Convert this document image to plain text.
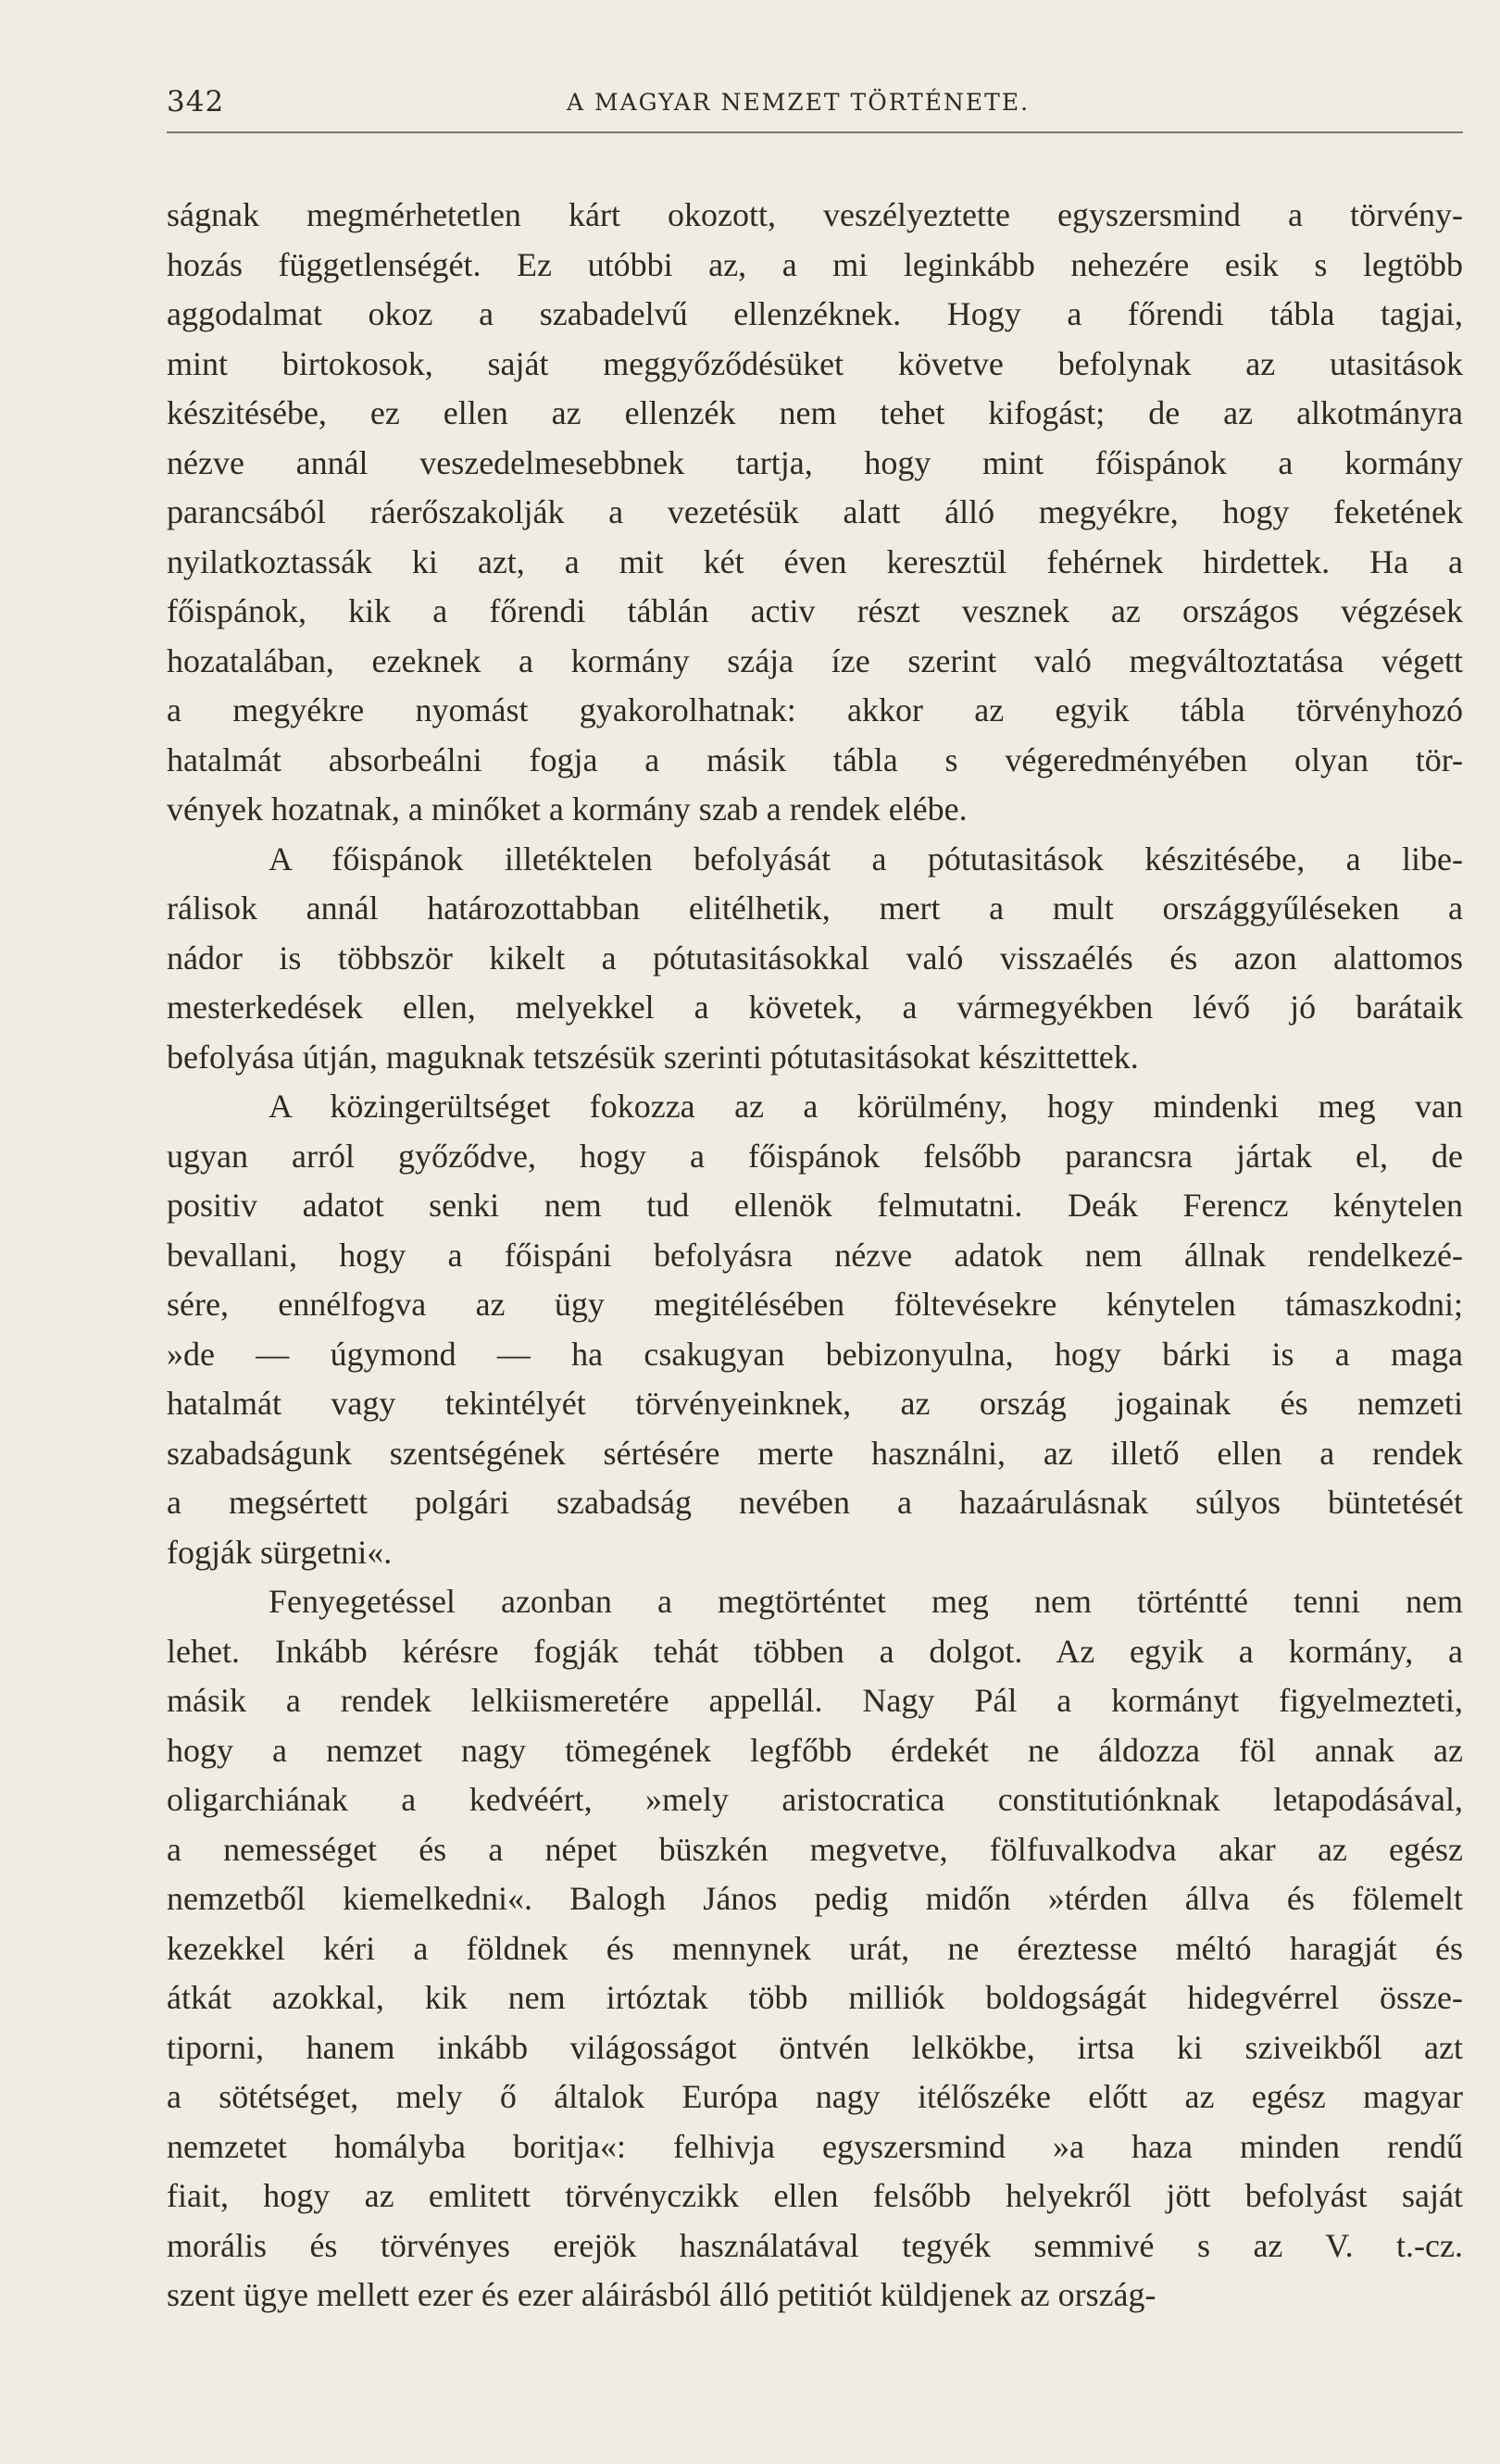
342	A MAGYAR NEMZET TÖRTÉNETE.
ságnak megmérhetetlen kárt okozott, veszélyeztette egyszersmind a törvény-
hozás függetlenségét. Ez utóbbi az, a mi leginkább nehezére esik s legtöbb
aggodalmat okoz a szabadelvű ellenzéknek. Hogy a főrendi tábla tagjai,
mint birtokosok, saját meggyőződésüket követve befolynak az utasitások
készitésébe, ez ellen az ellenzék nem tehet kifogást; de az alkotmányra
nézve annál veszedelmesebbnek tartja, hogy mint főispánok a kormány
parancsából ráerőszakolják a vezetésük alatt álló megyékre, hogy feketének
nyilatkoztassák ki azt, a mit két éven keresztül fehérnek hirdettek. Ha a
főispánok, kik a főrendi táblán activ részt vesznek az országos végzések
hozatalában, ezeknek a kormány szája íze szerint való megváltoztatása végett
a megyékre nyomást gyakorolhatnak: akkor az egyik tábla törvényhozó
hatalmát absorbeálni fogja a másik tábla s végeredményében olyan tör-
vények hozatnak, a minőket a kormány szab a rendek elébe.
A főispánok illetéktelen befolyását a pótutasitások készitésébe, a libe-
rálisok annál határozottabban elitélhetik, mert a mult országgyűléseken a
nádor is többször kikelt a pótutasitásokkal való visszaélés és azon alattomos
mesterkedések ellen, melyekkel a követek, a vármegyékben lévő jó barátaik
befolyása útján, maguknak tetszésük szerinti pótutasitásokat készittettek.
A közingerültséget fokozza az a körülmény, hogy mindenki meg van
ugyan arról győződve, hogy a főispánok felsőbb parancsra jártak el, de
positiv adatot senki nem tud ellenök felmutatni. Deák Ferencz kénytelen
bevallani, hogy a főispáni befolyásra nézve adatok nem állnak rendelkezé-
sére, ennélfogva az ügy megitélésében föltevésekre kénytelen támaszkodni;
»de — úgymond — ha csakugyan bebizonyulna, hogy bárki is a maga
hatalmát vagy tekintélyét törvényeinknek, az ország jogainak és nemzeti
szabadságunk szentségének sértésére merte használni, az illető ellen a rendek
a megsértett polgári szabadság nevében a hazaárulásnak súlyos büntetését
fogják sürgetni«.
Fenyegetéssel azonban a megtörténtet meg nem történtté tenni nem
lehet. Inkább kérésre fogják tehát többen a dolgot. Az egyik a kormány, a
másik a rendek lelkiismeretére appellál. Nagy Pál a kormányt figyelmezteti,
hogy a nemzet nagy tömegének legfőbb érdekét ne áldozza föl annak az
oligarchiának a kedvéért, »mely aristocratica constitutiónknak letapodásával,
a nemességet és a népet büszkén megvetve, fölfuvalkodva akar az egész
nemzetből kiemelkedni«. Balogh János pedig midőn »térden állva és fölemelt
kezekkel kéri a földnek és mennynek urát, ne éreztesse méltó haragját és
átkát azokkal, kik nem irtóztak több milliók boldogságát hidegvérrel össze-
tiporni, hanem inkább világosságot öntvén lelkökbe, irtsa ki sziveikből azt
a sötétséget, mely ő általok Európa nagy itélőszéke előtt az egész magyar
nemzetet homályba boritja«: felhivja egyszersmind »a haza minden rendű
fiait, hogy az emlitett törvényczikk ellen felsőbb helyekről jött befolyást saját
morális és törvényes erejök használatával tegyék semmivé s az V. t.-cz.
szent ügye mellett ezer és ezer aláirásból álló petitiót küldjenek az ország-
